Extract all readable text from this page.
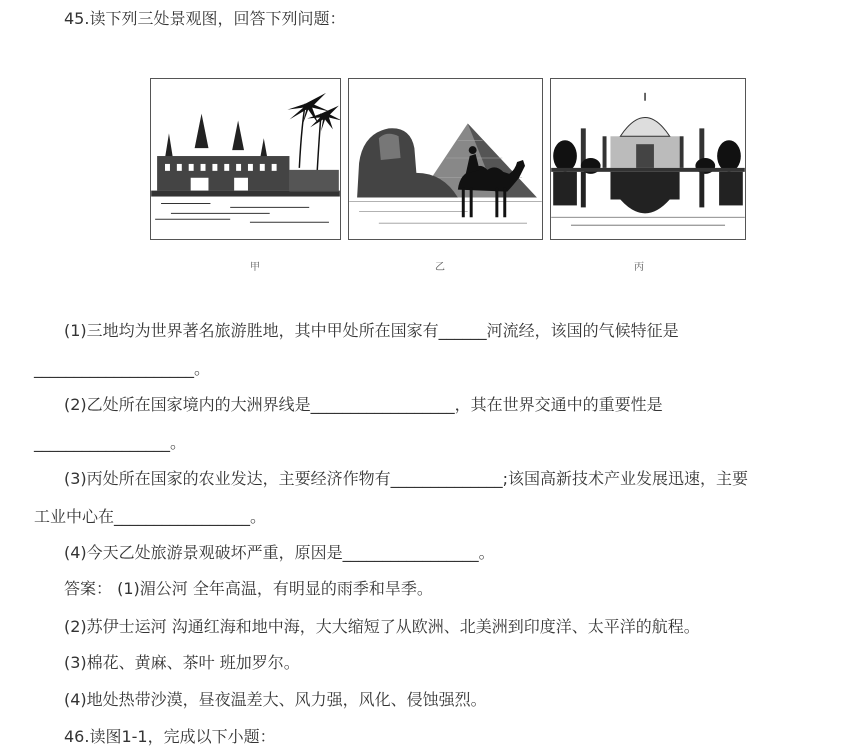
45.读下列三处景观图，回答下列问题：
甲	乙	丙
(1)三地均为世界著名旅游胜地，其中甲处所在国家有______河流经，该国的气候特征是
____________________。
(2)乙处所在国家境内的大洲界线是__________________，其在世界交通中的重要性是
_________________。
(3)丙处所在国家的农业发达，主要经济作物有______________;该国高新技术产业发展迅速，主要
工业中心在_________________。
(4)今天乙处旅游景观破坏严重，原因是_________________。
答案： (1)湄公河 全年高温，有明显的雨季和旱季。
(2)苏伊士运河 沟通红海和地中海，大大缩短了从欧洲、北美洲到印度洋、太平洋的航程。
(3)棉花、黄麻、茶叶 班加罗尔。
(4)地处热带沙漠，昼夜温差大、风力强，风化、侵蚀强烈。
46.读图1-1，完成以下小题：
